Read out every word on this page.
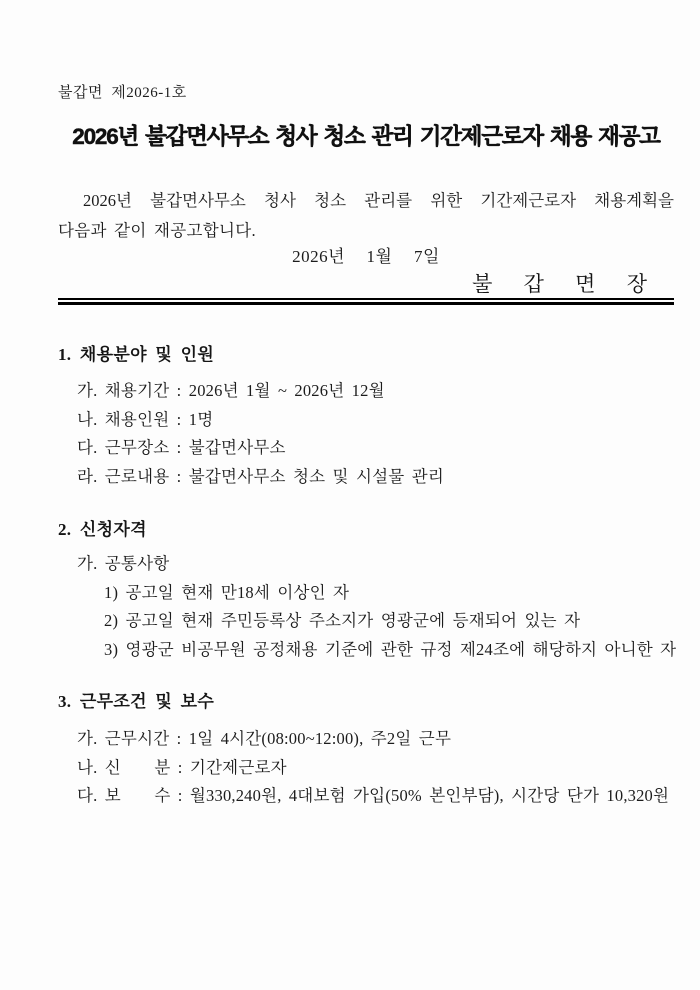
불갑면 제2026-1호
2026년 불갑면사무소 청사 청소 관리 기간제근로자 채용 재공고
2026년 불갑면사무소 청사 청소 관리를 위한 기간제근로자 채용계획을
다음과 같이 재공고합니다.
2026년  1월  7일
불 갑 면 장
1. 채용분야 및 인원
가. 채용기간 : 2026년 1월 ~ 2026년 12월
나. 채용인원 : 1명
다. 근무장소 : 불갑면사무소
라. 근로내용 : 불갑면사무소 청소 및 시설물 관리
2. 신청자격
가. 공통사항
1) 공고일 현재 만18세 이상인 자
2) 공고일 현재 주민등록상 주소지가 영광군에 등재되어 있는 자
3) 영광군 비공무원 공정채용 기준에 관한 규정 제24조에 해당하지 아니한 자
3. 근무조건 및 보수
가. 근무시간 : 1일 4시간(08:00~12:00), 주2일 근무
나. 신　　분 : 기간제근로자
다. 보　　수 : 월330,240원, 4대보험 가입(50% 본인부담), 시간당 단가 10,320원
